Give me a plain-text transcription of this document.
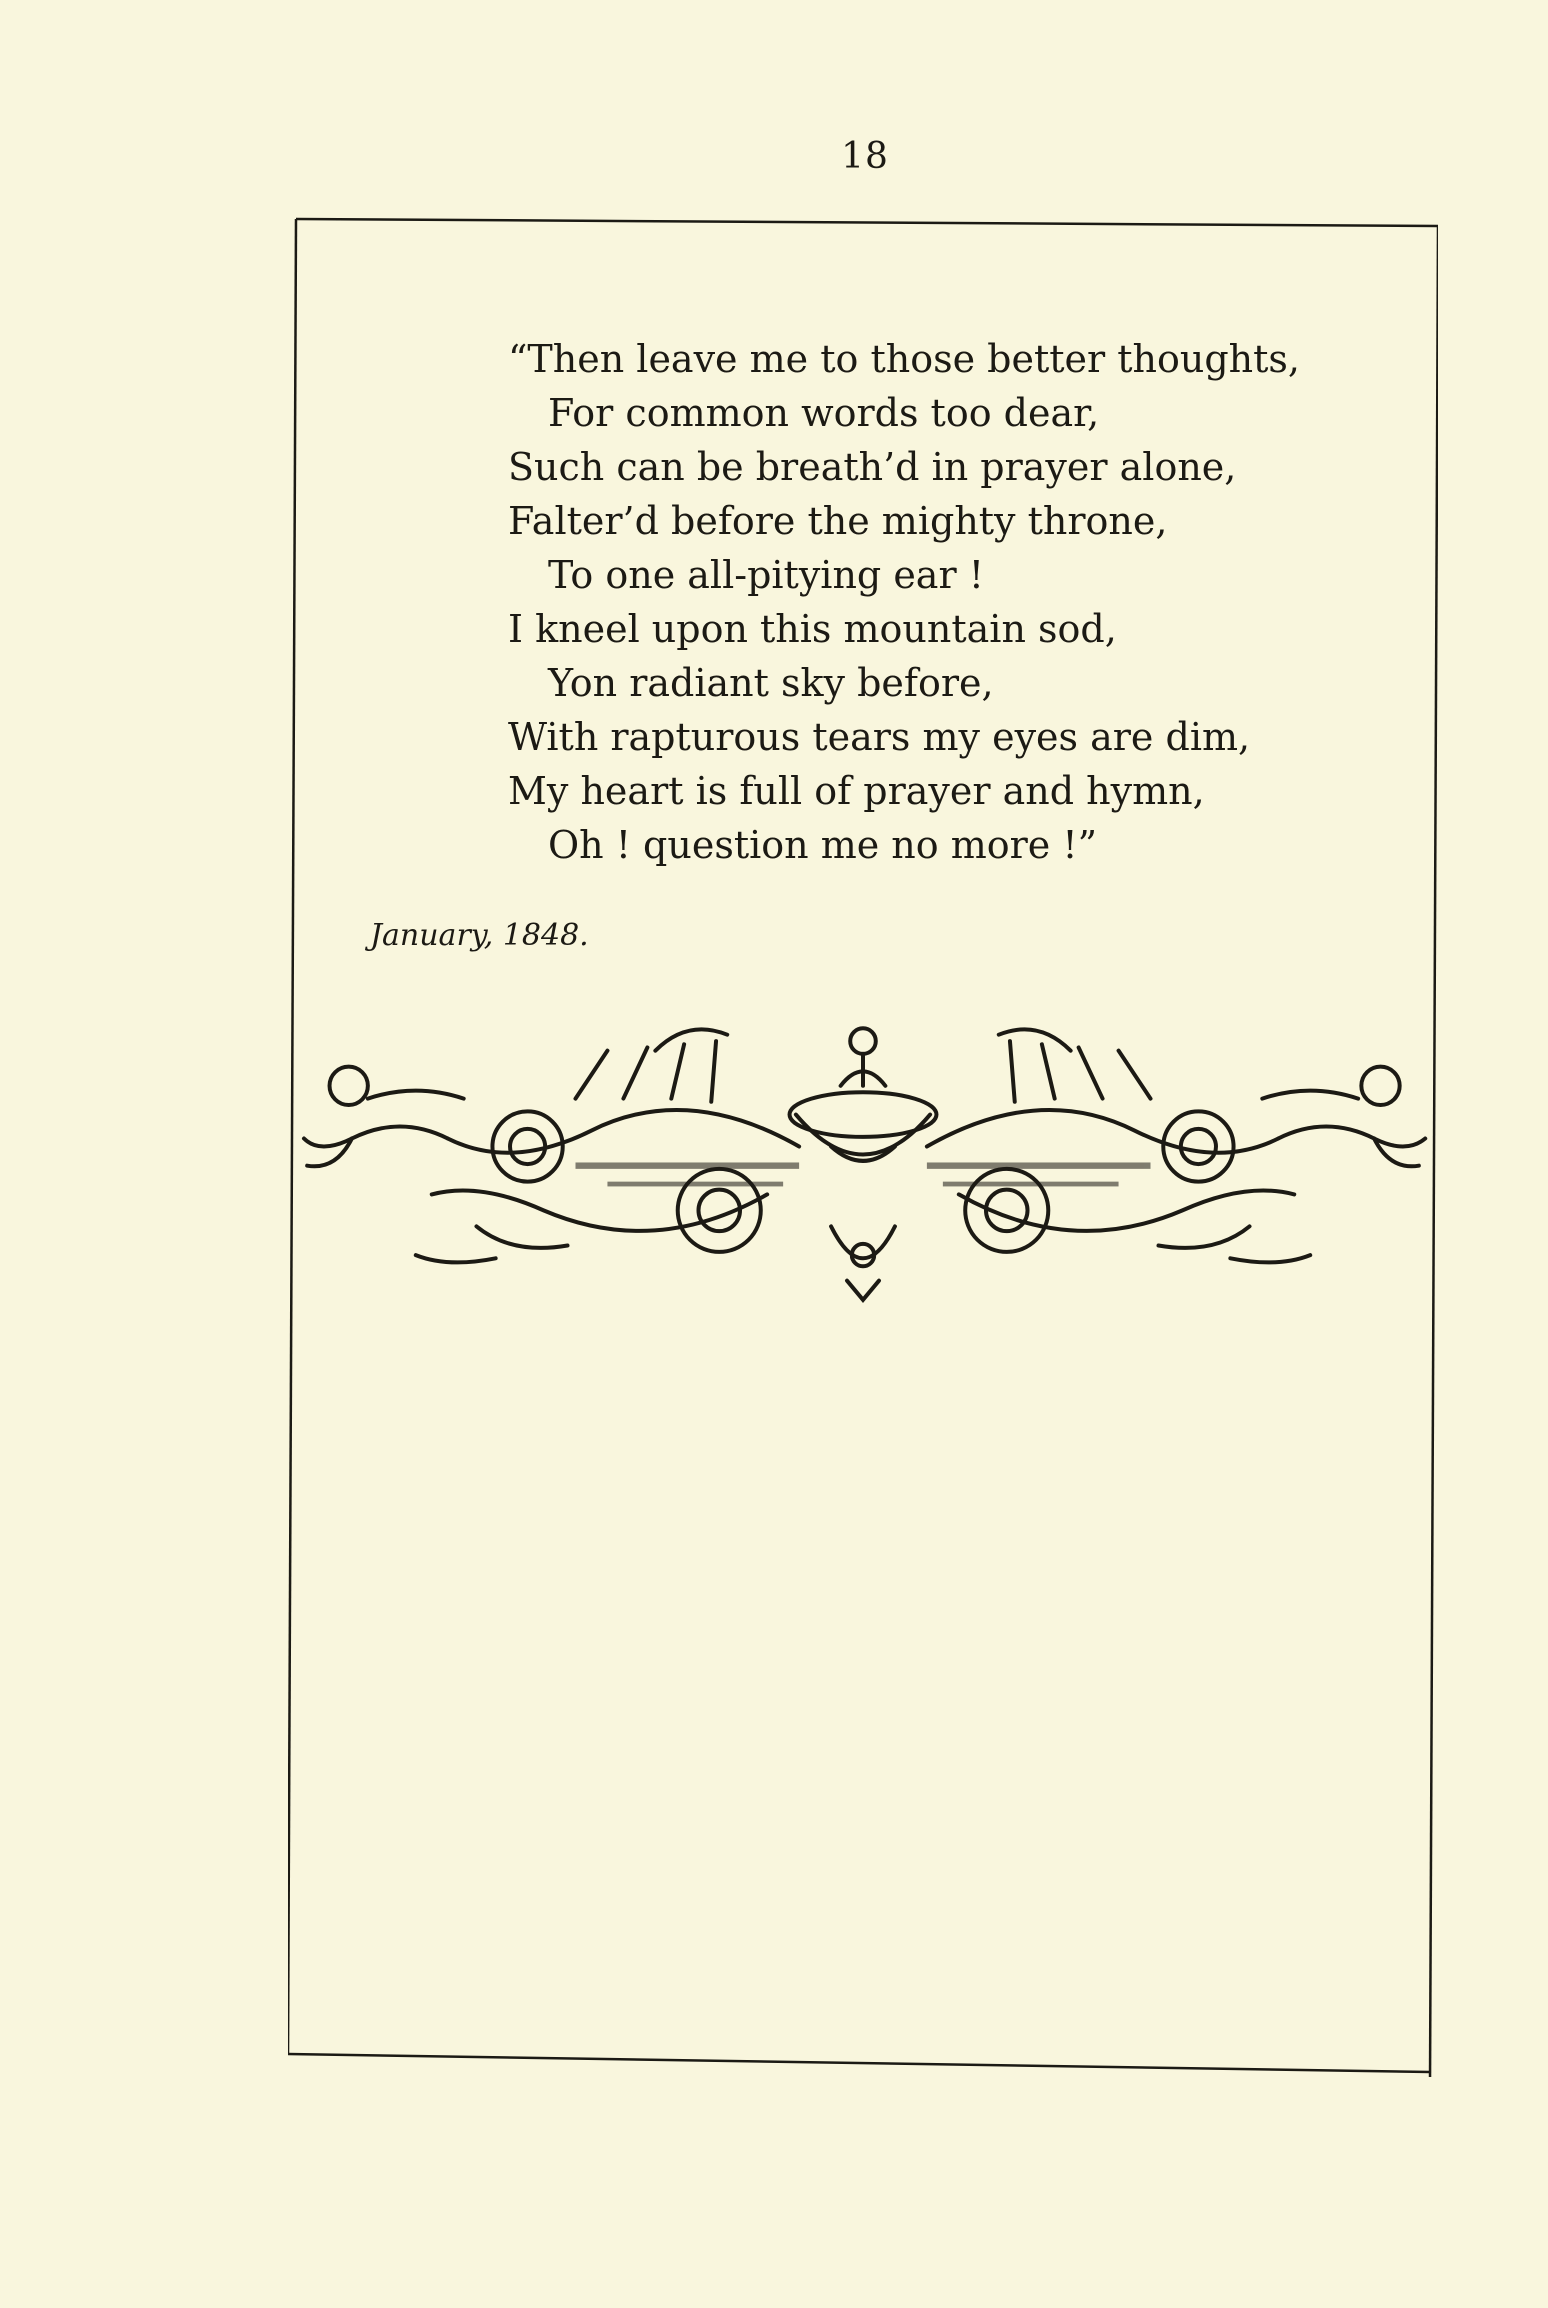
18
“Then leave me to those better thoughts,
For common words too dear,
Such can be breath’d in prayer alone,
Falter’d before the mighty throne,
To one all-pitying ear !
I kneel upon this mountain sod,
Yon radiant sky before,
With rapturous tears my eyes are dim,
My heart is full of prayer and hymn,
Oh ! question me no more !”
January, 1848.
